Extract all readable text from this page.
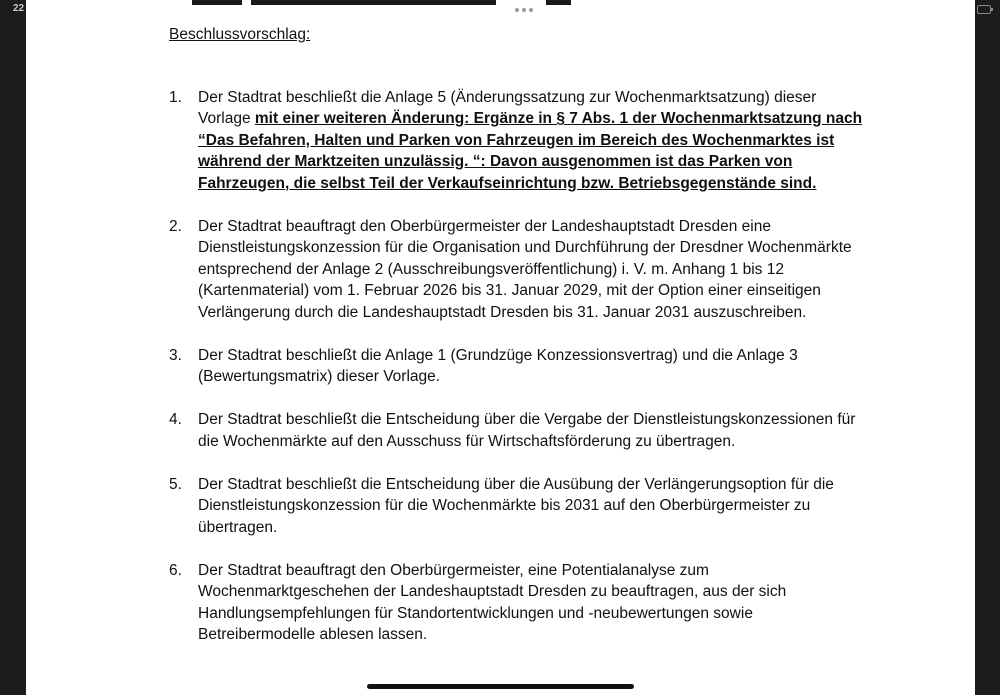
22

Beschlussvorschlag:

1. Der Stadtrat beschließt die Anlage 5 (Änderungssatzung zur Wochenmarktsatzung) dieser Vorlage mit einer weiteren Änderung: Ergänze in § 7 Abs. 1 der Wochenmarktsatzung nach “Das Befahren, Halten und Parken von Fahrzeugen im Bereich des Wochenmarktes ist während der Marktzeiten unzulässig. “: Davon ausgenommen ist das Parken von Fahrzeugen, die selbst Teil der Verkaufseinrichtung bzw. Betriebsgegenstände sind.
2. Der Stadtrat beauftragt den Oberbürgermeister der Landeshauptstadt Dresden eine Dienstleistungskonzession für die Organisation und Durchführung der Dresdner Wochenmärkte entsprechend der Anlage 2 (Ausschreibungsveröffentlichung) i. V. m. Anhang 1 bis 12 (Kartenmaterial) vom 1. Februar 2026 bis 31. Januar 2029, mit der Option einer einseitigen Verlängerung durch die Landeshauptstadt Dresden bis 31. Januar 2031 auszuschreiben.
3. Der Stadtrat beschließt die Anlage 1 (Grundzüge Konzessionsvertrag) und die Anlage 3 (Bewertungsmatrix) dieser Vorlage.
4. Der Stadtrat beschließt die Entscheidung über die Vergabe der Dienstleistungskonzessionen für die Wochenmärkte auf den Ausschuss für Wirtschaftsförderung zu übertragen.
5. Der Stadtrat beschließt die Entscheidung über die Ausübung der Verlängerungsoption für die Dienstleistungskonzession für die Wochenmärkte bis 2031 auf den Oberbürgermeister zu übertragen.
6. Der Stadtrat beauftragt den Oberbürgermeister, eine Potentialanalyse zum Wochenmarktgeschehen der Landeshauptstadt Dresden zu beauftragen, aus der sich Handlungsempfehlungen für Standortentwicklungen und -neubewertungen sowie Betreibermodelle ablesen lassen.
